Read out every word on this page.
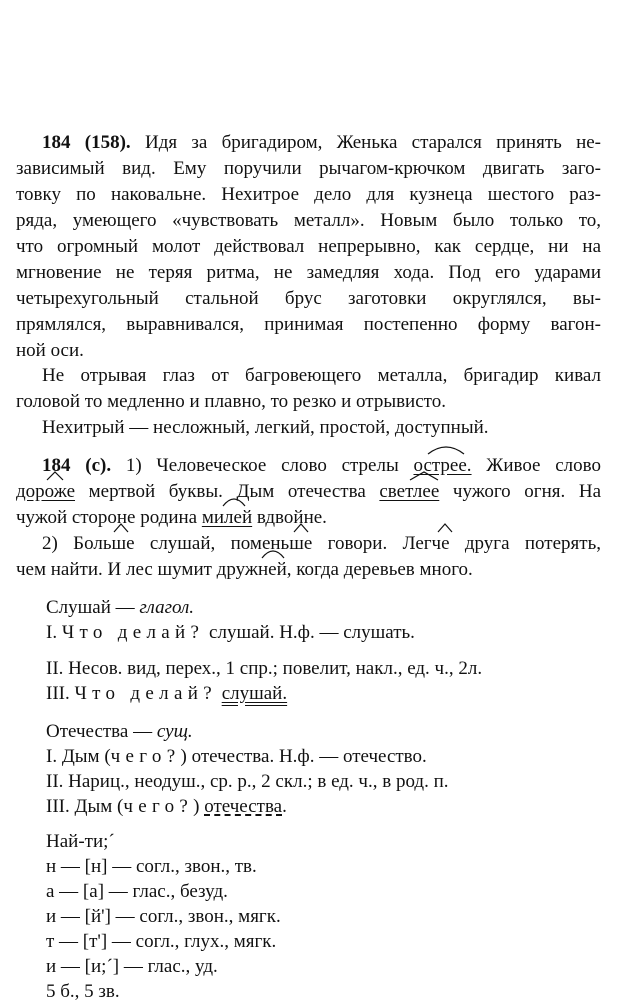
184 (158). Идя за бригадиром, Женька старался принять не-
зависимый вид. Ему поручили рычагом-крючком двигать заго-
товку по наковальне. Нехитрое дело для кузнеца шестого раз-
ряда, умеющего «чувствовать металл». Новым было только то,
что огромный молот действовал непрерывно, как сердце, ни на
мгновение не теряя ритма, не замедляя хода. Под его ударами
четырехугольный стальной брус заготовки округлялся, вы-
прямлялся, выравнивался, принимая постепенно форму вагон-
ной оси.
Не отрывая глаз от багровеющего металла, бригадир кивал
головой то медленно и плавно, то резко и отрывисто.
Нехитрый — несложный, легкий, простой, доступный.
184 (с). 1) Человеческое слово стрелы
острее. Живое слово
дороже мертвой буквы. Дым отечества
светлее чужого огня. На
чужой стороне родина
милей вдвойне.
2)
Больше слушай,
поменьше говори.
Легче друга потерять,
чем найти. И лес шумит
дружней, когда деревьев много.
Слушай — глагол.
I. Что делай? слушай. Н.ф. — слушать.
II. Несов. вид, перех., 1 спр.; повелит, накл., ед. ч., 2л.
III. Что делай? слушай.
Отечества — сущ.
I. Дым (чего?) отечества. Н.ф. — отечество.
II. Нариц., неодуш., ср. р., 2 скл.; в ед. ч., в род. п.
III. Дым (чего?) отечества.
Най-ти;´
н — [н] — согл., звон., тв.
а — [а] — глас., безуд.
и — [й'] — согл., звон., мягк.
т — [т'] — согл., глух., мягк.
и — [и;´] — глас., уд.
5 б., 5 зв.
